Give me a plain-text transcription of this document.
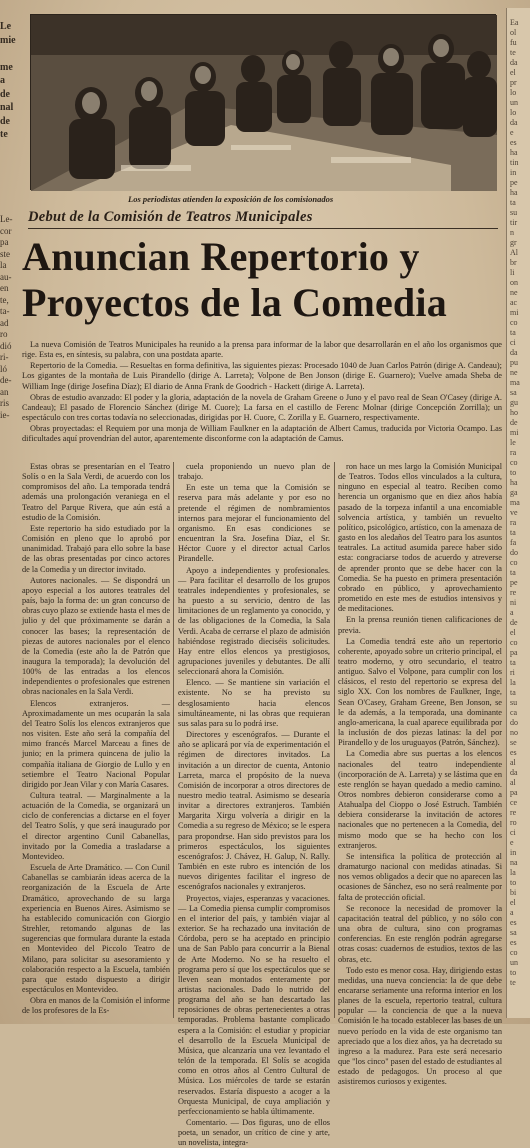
Los periodistas atienden la exposición de los comisionados
Le
mie
me
a
de
nal
de
te
Le-
cor
pa
ste
la
au-
en
te,
ta-
ad
ro
dió
ri-
ló
de-
an
ris
ie-
Debut de la Comisión de Teatros Municipales
Anuncian Repertorio y
Proyectos de la Comedia

La nueva Comisión de Teatros Municipales ha reunido a la prensa para informar de la labor que desarrollarán en el año los organismos que rige. Esta es, en síntesis, su palabra, con una postdata aparte.

Repertorio de la Comedia. — Resueltas en forma definitiva, las siguientes piezas: Procesado 1040 de Juan Carlos Patrón (dirige A. Candeau); Los gigantes de la montaña de Luis Pirandello (dirige A. Larreta); Volpone de Ben Jonson (dirige E. Guarnero); Vuelve amada Sheba de William Inge (dirige Josefina Díaz); El diario de Anna Frank de Goodrich - Hackett (dirige A. Larreta).

Obras de estudio avanzado: El poder y la gloria, adaptación de la novela de Graham Greene o Juno y el pavo real de Sean O'Casey (dirige A. Candeau); El pasado de Florencio Sánchez (dirige M. Cuore); La farsa en el castillo de Ferenc Molnar (dirige Concepción Zorrilla); un espectáculo con tres cortas todavía no seleccionadas, dirigidas por H. Cuore, C. Zorilla y E. Guarnero, respectivamente.

Obras proyectadas: el Requiem por una monja de William Faulkner en la adaptación de Albert Camus, traducida por Victoria Ocampo. Las dificultades aquí provendrían del autor, aparentemente disconforme con la adaptación de Camus.

Estas obras se presentarían en el Teatro Solís o en la Sala Verdi, de acuerdo con los compromisos del año. La temporada tendrá además una prolongación veraniega en el Teatro del Parque Rivera, que aún está a estudio de la Comisión.

Este repertorio ha sido estudiado por la Comisión en pleno que lo aprobó por unanimidad. Trabajó para ello sobre la base de las obras presentadas por cinco actores de la Comedia y un director invitado.

Autores nacionales. — Se dispondrá un apoyo especial a los autores teatrales del país, bajo la forma de: un gran concurso de obras cuyo plazo se extiende hasta el mes de julio y del que próximamente se darán a conocer las bases; la representación de piezas de autores nacionales por el elenco de la Comedia (este año la de Patrón que inaugura la temporada); la devolución del 100% de las entradas a los elencos independientes o profesionales que estrenen obras nacionales en la Sala Verdi.

Elencos extranjeros. — Aproximadamente un mes ocuparán la sala del Teatro Solís los elencos extranjeros que nos visiten. Este año será la compañía del mimo francés Marcel Marceau a fines de junio; en la primera quincena de julio la compañía italiana de Giorgio de Lullo y en setiembre el Teatro Nacional Popular dirigido por Jean Vilar y con María Casares.

Cultura teatral. — Marginalmente a la actuación de la Comedia, se organizará un ciclo de conferencias a dictarse en el foyer del Teatro Solís, y que será inaugurado por el director argentino Cunil Cabanellas, invitado por la Comedia a trasladarse a Montevideo.

Escuela de Arte Dramático. — Con Cunil Cabanellas se cambiarán ideas acerca de la reorganización de la Escuela de Arte Dramático, aprovechando de su larga experiencia en Buenos Aires. Asimismo se ha establecido comunicación con Giorgio Strehler, retomando algunas de las sugerencias que formulara durante la estada en Montevideo del Piccolo Teatro de Milano, para solicitar su asesoramiento y colaboración respecto a la Escuela, también para que estado dispuesto a dirigir espectáculos en Montevideo.

Obra en manos de la Comisión el informe de los profesores de la Es-

cuela proponiendo un nuevo plan de trabajo.

En este un tema que la Comisión se reserva para más adelante y por eso no pretende el régimen de nombramientos internos para mejorar el funcionamiento del organismo. En esas condiciones se encuentran la Sra. Josefina Díaz, el Sr. Héctor Cuore y el director actual Carlos Pirandelle.

Apoyo a independientes y profesionales. — Para facilitar el desarrollo de los grupos teatrales independientes y profesionales, se ha puesto a su servicio, dentro de las limitaciones de un reglamento ya conocido, y de las obligaciones de la Comedia, la Sala Verdi. Acaba de cerrarse el plazo de admisión habiéndose registrado dieciséis solicitudes. Hay entre ellos elencos ya prestigiosos, agrupaciones juveniles y debutantes. De allí seleccionará ahora la Comisión.

Elenco. — Se mantiene sin variación el existente. No se ha previsto su desglosamiento hacia elencos simultáneamente, ni las obras que requieran sus salas para su lo podrá irse.

Directores y escenógrafos. — Durante el año se aplicará por vía de experimentación el régimen de directores invitados. La invitación a un director de cuenta, Antonio Larreta, marca el propósito de la nueva Comisión de incorporar a otros directores de nuestro medio teatral. Asimismo se desearía invitar a directores extranjeros. También Margarita Xirgu volvería a dirigir en la Comedia a su regreso de México; se le espera para propondrse. Han sido previstos para los primeros espectáculos, los siguientes escenógrafos: J. Chávez, H. Galup, N. Rally. También en este rubro es intención de los nuevos dirigentes facilitar el ingreso de escenógrafos nacionales y extranjeros.

Proyectos, viajes, esperanzas y vacaciones. — La Comedia piensa cumplir compromisos en el interior del país, y también viajar al exterior. Se ha rechazado una invitación de Córdoba, pero se ha aceptado en principio una de San Pablo para concurrir a la Bienal de Arte Moderno. No se ha resuelto el programa pero sí que los espectáculos que se lleven sean montados enteramente por artistas nacionales. Dado lo nutrido del programa del año se han descartado las reposiciones de obras pertenecientes a otras temporadas. Problema bastante complicado espera a la Comisión: el estudiar y propiciar el desarrollo de la Escuela Municipal de Música, que alcanzaría una vez levantado el telón de la temporada. El Solís se acogida como en otros años al Centro Cultural de Música. Los miércoles de tarde se estarán reservados. Estaría dispuesto a acoger a la Orquesta Municipal, de cuya ampliación y perfeccionamiento se habla últimamente.

Comentario. — Dos figuras, uno de ellos poeta, un senador, un crítico de cine y arte, un novelista, integra-

ron hace un mes largo la Comisión Municipal de Teatros. Todos ellos vinculados a la cultura, ninguno en especial al teatro. Reciben como herencia un organismo que en diez años había pasado de la torpeza infantil a una encomiable solvencia artística, y también un revuelto político, psicológico, artístico, con la amenaza de gasto en los aledaños del Teatro para los asuntos teatrales. La actitud asumida parece haber sido esta: congraciarse todos de acuerdo y atreverse de aprender pronto que se debe hacer con la Comedia. Se ha puesto en primera presentación cobrado en público, y aprovechamiento prometido en este mes de estudios intensivos y de meditaciones.

En la prensa reunión tienen calificaciones de previa.

La Comedia tendrá este año un repertorio coherente, apoyado sobre un criterio principal, el teatro moderno, y otro secundario, el teatro antiguo. Salvo el Volpone, para cumplir con los clásicos, el resto del repertorio se expresa del siglo XX. Con los nombres de Faulkner, Inge, Sean O'Casey, Graham Greene, Ben Jonson, se le da además, a la temporada, una dominante anglo-americana, la cual aparece equilibrada por la inclusión de dos piezas latinas: la del por Pirandello y de los uruguayos (Patrón, Sánchez).

La Comedia abre sus puertas a los elencos nacionales del teatro independiente (incorporación de A. Larreta) y se lástima que en este renglón se hayan quedado a medio camino. Otros nombres debieron considerarse como a Atahualpa del Cioppo o José Estruch. También debiera considerarse la invitación de actores nacionales que no pertenecen a la Comedia, del mismo modo que se ha hecho con los extranjeros.

Se intensifica la política de protección al dramaturgo nacional con medidas atinadas. Si nos vemos obligados a decir que no aparecen las ocasiones de Sánchez, eso no será realmente por falta de protección oficial.

Se reconoce la necesidad de promover la capacitación teatral del público, y no sólo con una obra de cultura, sino con programas conferencias. En este renglón podrán agregarse otras cosas: cuadernos de estudios, textos de las obras, etc.

Todo esto es menor cosa. Hay, dirigiendo estas medidas, una nueva conciencia: la de que debe encararse seriamente una reforma interior en los planes de la escuela, repertorio teatral, cultura popular — la conciencia de que a la nueva Comisión le ha tocado establecer las bases de un nuevo período en la vida de este organismo tan apreciado que a los diez años, ya ha decretado su ingreso a la madurez. Para este será necesario que "los cinco" pasen del estado de estudiantes al estado de pedagogos. Un proceso al que asistiremos curiosos y exigentes.

Ea
ol
fu
te
da
el
pr
lo
un
lo
da
e
es
ha
tin
in
pe
ha
ta
su
tir
n
gr
Al
br
li
on
ne
ac
mi
co
ta
ci
da
pu
ne
ma
sa
gu
ho
de
mi
le
ra
co
to
ha
ga
ma
ve
ra
ta
fa
do
co
ta
pe
re
ni
a
de
el
co
pa
ta
ri
la
ta
su
ca
do
no
se
es
al
da
al
pa
ce
re
ro
ci
e
in
na
la
to
bi
el
a
es
sa
es
co
un
to
te
